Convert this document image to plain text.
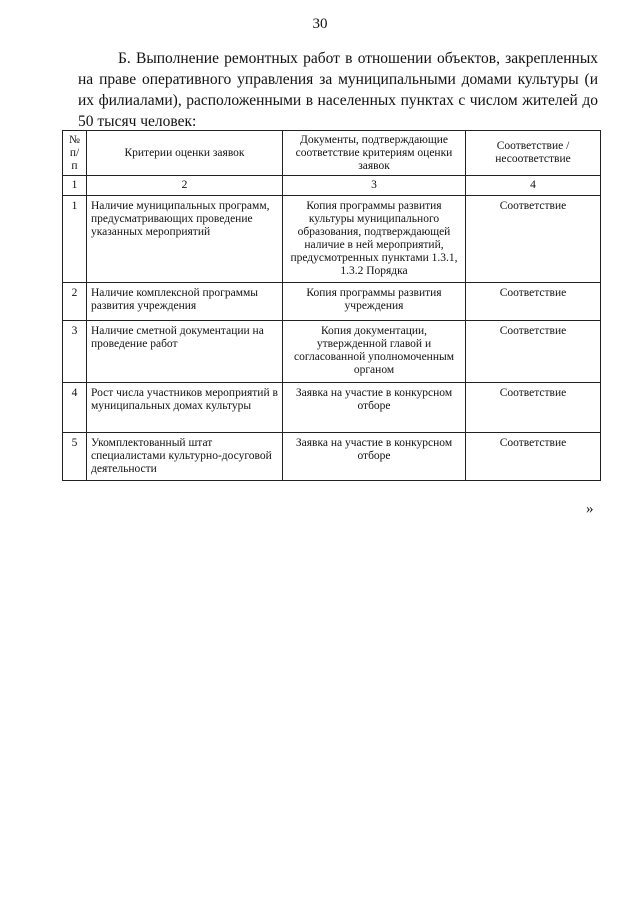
30
Б. Выполнение ремонтных работ в отношении объектов, закрепленных на праве оперативного управления за муниципальными домами культуры (и их филиалами), расположенными в населенных пунктах с числом жителей до 50 тысяч человек:
№ п/п	Критерии оценки заявок	Документы, подтверждающие соответствие критериям оценки заявок	Соответствие / несоответствие
1	2	3	4
1	Наличие муниципальных программ, предусматривающих проведение указанных мероприятий	Копия программы развития культуры муниципального образования, подтверждающей наличие в ней мероприятий, предусмотренных пунктами 1.3.1, 1.3.2 Порядка	Соответствие
2	Наличие комплексной программы развития учреждения	Копия программы развития учреждения	Соответствие
3	Наличие сметной документации на проведение работ	Копия документации, утвержденной главой и согласованной уполномоченным органом	Соответствие
4	Рост числа участников мероприятий в муниципальных домах культуры	Заявка на участие в конкурсном отборе	Соответствие
5	Укомплектованный штат специалистами культурно-досуговой деятельности	Заявка на участие в конкурсном отборе	Соответствие
»
